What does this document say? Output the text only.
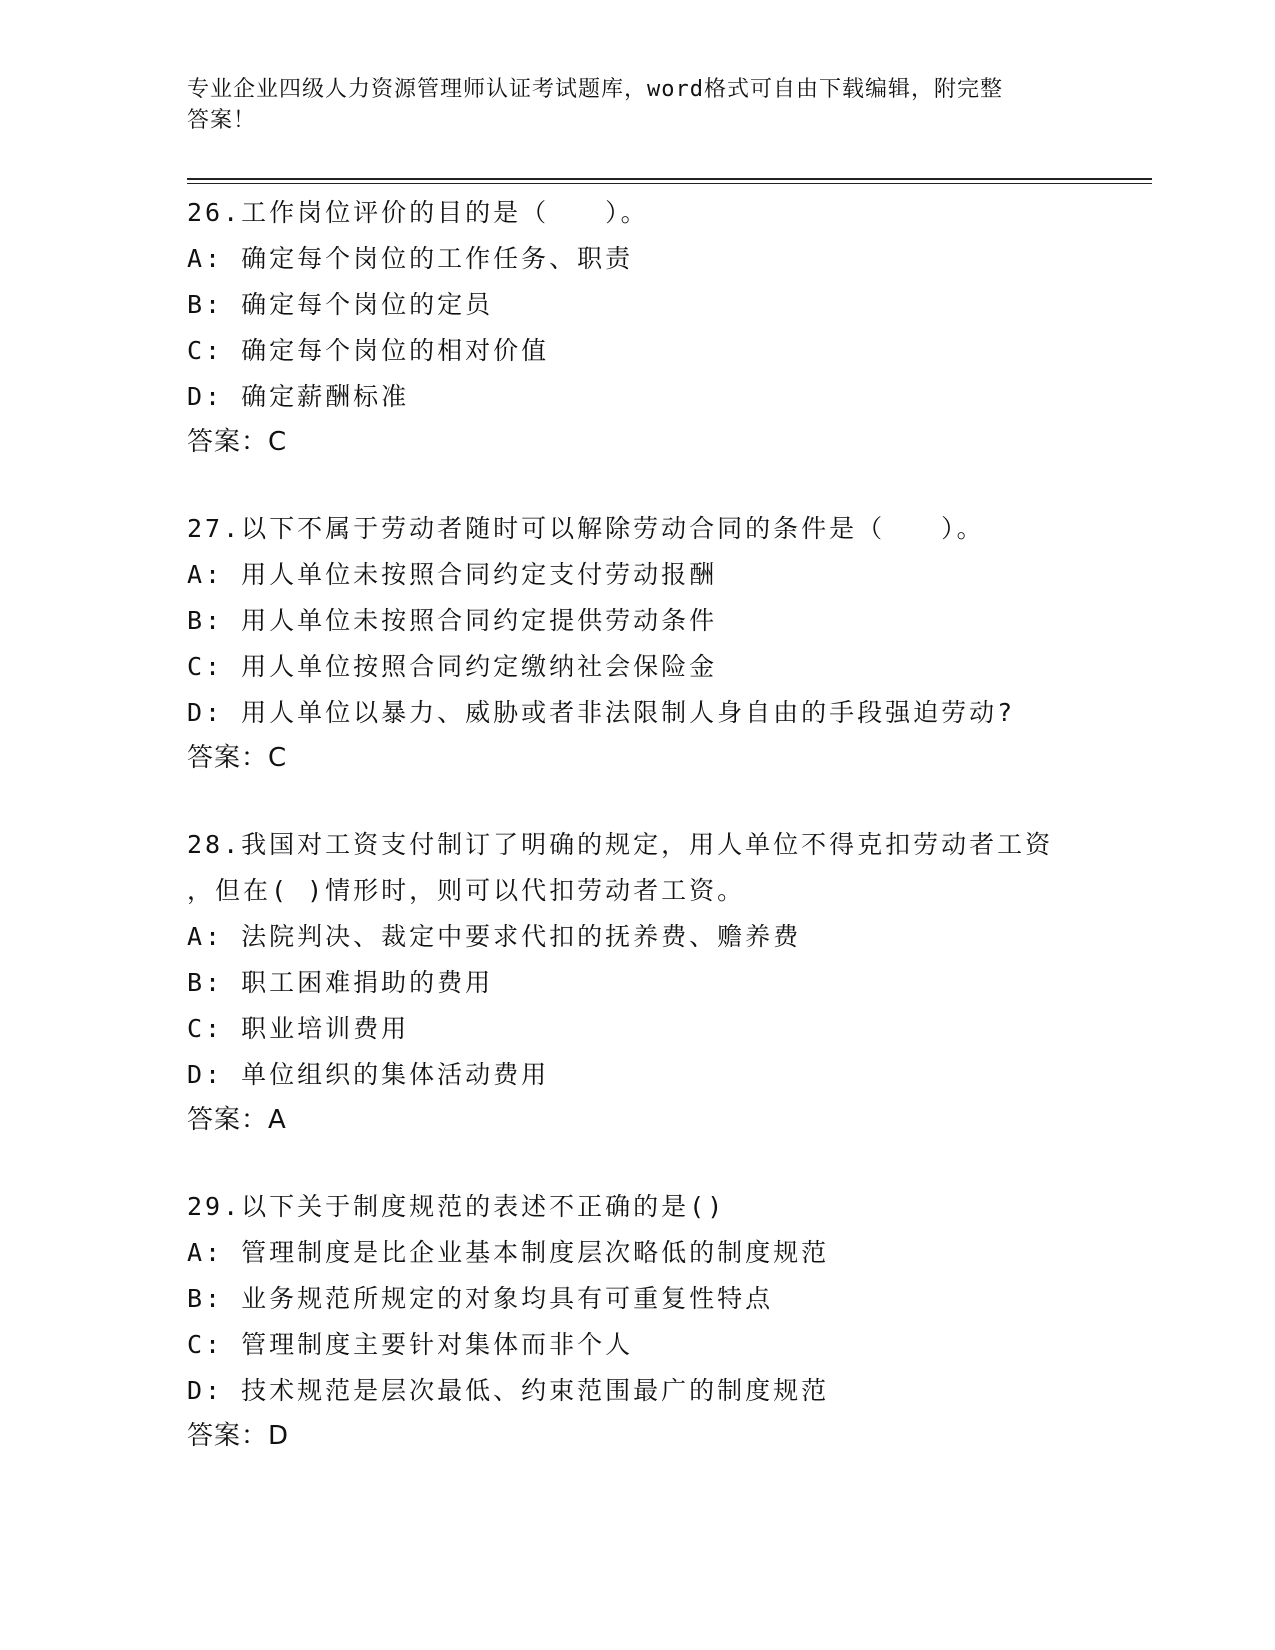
专业企业四级人力资源管理师认证考试题库，word格式可自由下载编辑，附完整
答案！
26.工作岗位评价的目的是（　　）。
A: 确定每个岗位的工作任务、职责
B: 确定每个岗位的定员
C: 确定每个岗位的相对价值
D: 确定薪酬标准
答案：C
27.以下不属于劳动者随时可以解除劳动合同的条件是（　　）。
A: 用人单位未按照合同约定支付劳动报酬
B: 用人单位未按照合同约定提供劳动条件
C: 用人单位按照合同约定缴纳社会保险金
D: 用人单位以暴力、威胁或者非法限制人身自由的手段强迫劳动?
答案：C
28.我国对工资支付制订了明确的规定，用人单位不得克扣劳动者工资
，但在( )情形时，则可以代扣劳动者工资。
A: 法院判决、裁定中要求代扣的抚养费、赡养费
B: 职工困难捐助的费用
C: 职业培训费用
D: 单位组织的集体活动费用
答案：A
29.以下关于制度规范的表述不正确的是()
A: 管理制度是比企业基本制度层次略低的制度规范
B: 业务规范所规定的对象均具有可重复性特点
C: 管理制度主要针对集体而非个人
D: 技术规范是层次最低、约束范围最广的制度规范
答案：D
